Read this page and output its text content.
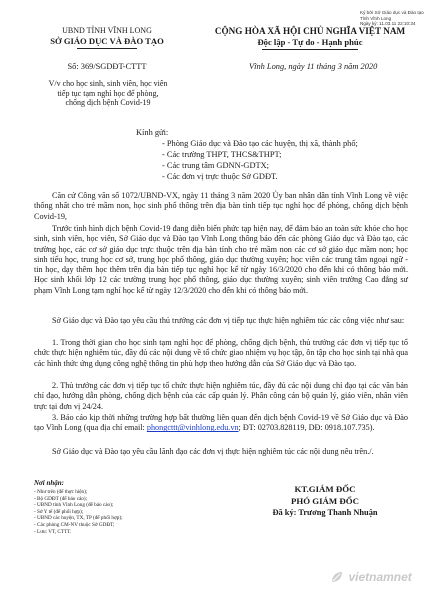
UBND TỈNH VĨNH LONG
SỞ GIÁO DỤC VÀ ĐÀO TẠO
CỘNG HÒA XÃ HỘI CHỦ NGHĨA VIỆT NAM
Độc lập - Tự do - Hạnh phúc
Ký bởi Sở Giáo dục và Đào tạo
Tỉnh Vĩnh Long
Ngày ký: 11.03.11 22:10:34
Số: 369/SGDĐT-CTTT	Vĩnh Long, ngày 11 tháng 3 năm 2020
V/v cho học sinh, sinh viên, học viên
tiếp tục tạm nghỉ học để phòng,
chống dịch bệnh Covid-19
Kính gửi:
- Phòng Giáo dục và Đào tạo các huyện, thị xã, thành phố;
- Các trường THPT, THCS&THPT;
- Các trung tâm GDNN-GDTX;
- Các đơn vị trực thuộc Sở GDĐT.
Căn cứ Công văn số 1072/UBND-VX, ngày 11 tháng 3 năm 2020 Ủy ban nhân dân tỉnh Vĩnh Long về việc thống nhất cho trẻ mầm non, học sinh phổ thông trên địa bàn tỉnh tiếp tục nghỉ học để phòng, chống dịch bệnh Covid-19,
Trước tình hình dịch bệnh Covid-19 đang diễn biến phức tạp hiện nay, để đảm bảo an toàn sức khỏe cho học sinh, sinh viên, học viên, Sở Giáo dục và Đào tạo Vĩnh Long thông báo đến các phòng Giáo dục và Đào tạo, các trường học, các cơ sở giáo dục trực thuộc trên địa bàn tỉnh cho trẻ mầm non các cơ sở giáo dục mầm non; học sinh tiểu học, trung học cơ sở, trung học phổ thông, giáo dục thường xuyên; học viên các trung tâm ngoại ngữ - tin học, dạy thêm học thêm trên địa bàn tiếp tục nghỉ học kể từ ngày 16/3/2020 cho đến khi có thông báo mới. Học sinh khối lớp 12 các trường trung học phổ thông, giáo dục thường xuyên; sinh viên trường Cao đẳng sư phạm Vĩnh Long tạm nghỉ học kể từ ngày 12/3/2020 cho đến khi có thông báo mới.
Sở Giáo dục và Đào tạo yêu cầu thủ trưởng các đơn vị tiếp tục thực hiện nghiêm túc các công việc như sau:
1. Trong thời gian cho học sinh tạm nghỉ học để phòng, chống dịch bệnh, thủ trưởng các đơn vị tiếp tục tổ chức thực hiện nghiêm túc, đầy đủ các nội dung về tổ chức giao nhiệm vụ học tập, ôn tập cho học sinh tại nhà qua các hình thức ứng dụng công nghệ thông tin phù hợp theo hướng dẫn của Sở Giáo dục và Đào tạo.
2. Thủ trưởng các đơn vị tiếp tục tổ chức thực hiện nghiêm túc, đầy đủ các nội dung chỉ đạo tại các văn bản chỉ đạo, hướng dẫn phòng, chống dịch bệnh của các cấp quản lý. Phân công cán bộ quản lý, giáo viên, nhân viên trực tại đơn vị 24/24.
3. Báo cáo kịp thời những trường hợp bất thường liên quan đến dịch bệnh Covid-19 về Sở Giáo dục và Đào tạo Vĩnh Long (qua địa chỉ email: phongcttt@vinhlong.edu.vn; ĐT: 02703.828119, DĐ: 0918.107.735).
Sở Giáo dục và Đào tạo yêu cầu lãnh đạo các đơn vị thực hiện nghiêm túc các nội dung nêu trên./.
Nơi nhận:
- Như trên (để thực hiện);
- Bộ GDĐT (để báo cáo);
- UBND tỉnh Vĩnh Long (để báo cáo);
- Sở Y tế (để phối hợp);
- UBND các huyện, TX, TP (để phối hợp);
- Các phòng CM-NV thuộc Sở GDĐT;
- Lưu: VT, CTTT.
KT.GIÁM ĐỐC
PHÓ GIÁM ĐỐC
Đã ký: Trương Thanh Nhuận
vietnamnet
